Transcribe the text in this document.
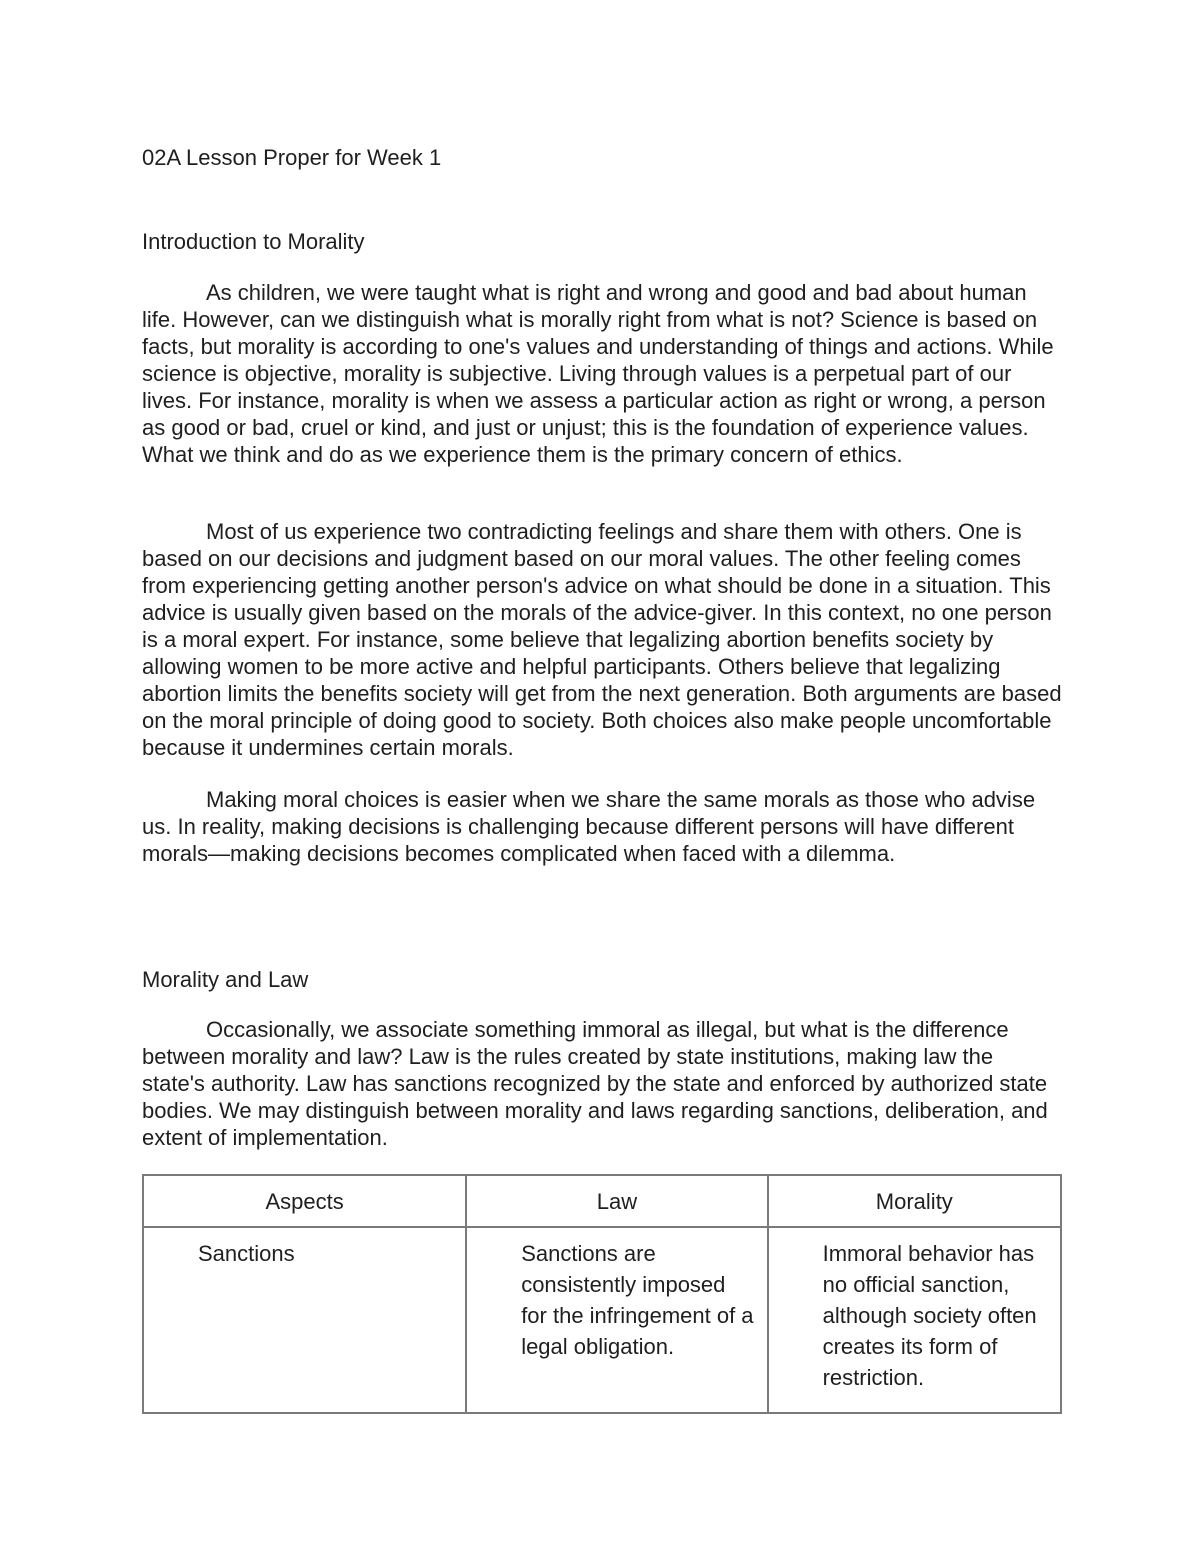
02A Lesson Proper for Week 1
Introduction to Morality

As children, we were taught what is right and wrong and good and bad about human life. However, can we distinguish what is morally right from what is not? Science is based on facts, but morality is according to one's values and understanding of things and actions. While science is objective, morality is subjective. Living through values is a perpetual part of our lives. For instance, morality is when we assess a particular action as right or wrong, a person as good or bad, cruel or kind, and just or unjust; this is the foundation of experience values. What we think and do as we experience them is the primary concern of ethics.

Most of us experience two contradicting feelings and share them with others. One is based on our decisions and judgment based on our moral values. The other feeling comes from experiencing getting another person's advice on what should be done in a situation. This advice is usually given based on the morals of the advice-giver. In this context, no one person is a moral expert. For instance, some believe that legalizing abortion benefits society by allowing women to be more active and helpful participants. Others believe that legalizing abortion limits the benefits society will get from the next generation. Both arguments are based on the moral principle of doing good to society. Both choices also make people uncomfortable because it undermines certain morals.

Making moral choices is easier when we share the same morals as those who advise us. In reality, making decisions is challenging because different persons will have different morals—making decisions becomes complicated when faced with a dilemma.

Morality and Law

Occasionally, we associate something immoral as illegal, but what is the difference between morality and law? Law is the rules created by state institutions, making law the state's authority. Law has sanctions recognized by the state and enforced by authorized state bodies. We may distinguish between morality and laws regarding sanctions, deliberation, and extent of implementation.

Aspects	Law	Morality
Sanctions	Sanctions are consistently imposed for the infringement of a legal obligation.	Immoral behavior has no official sanction, although society often creates its form of restriction.
